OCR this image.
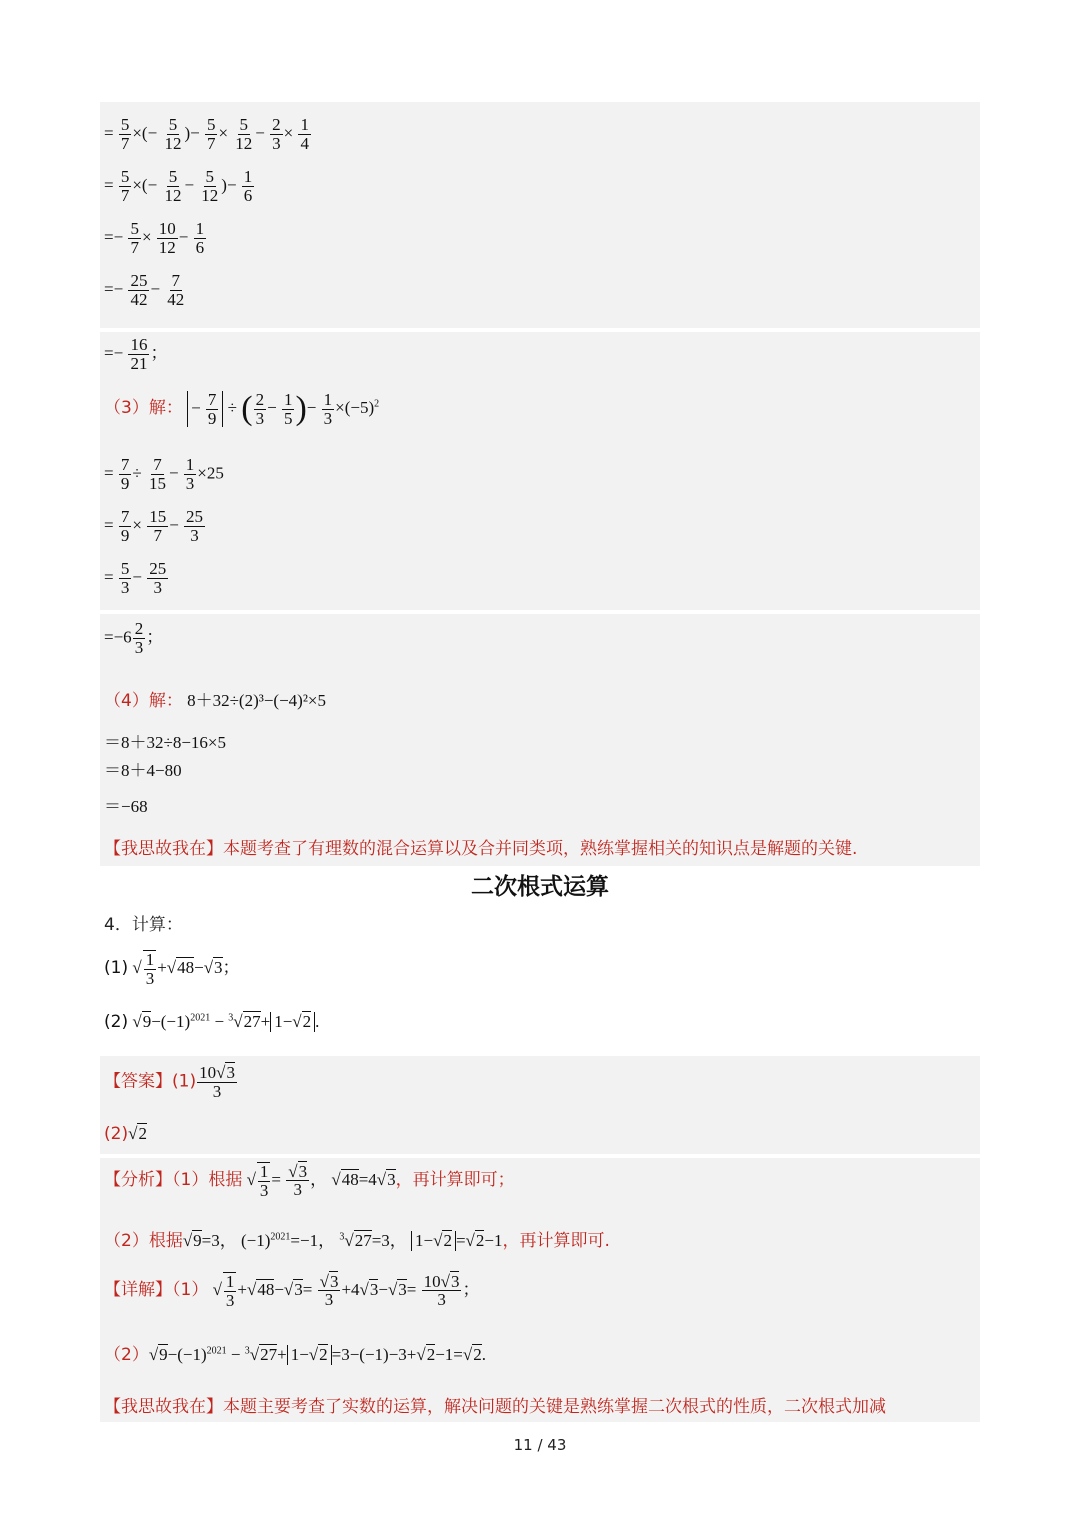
= $\frac{5}{7}$ ×(− $\frac{5}{12}$ )− $\frac{5}{7} \times \frac{5}{12} - \frac{2}{3} \times \frac{1}{4}$
= $\frac{5}{7}$ ×(− $\frac{5}{12} - \frac{5}{12}$ )− $\frac{1}{6}$
=− $\frac{5}{7} \times \frac{10}{12} - \frac{1}{6}$
=− $\frac{25}{42} - \frac{7}{42}$
=− $\frac{16}{21}$ ；
（3）解： − $\frac{7}{9}$ ÷ ( $\frac{2}{3} - \frac{1}{5}$ )− $\frac{1}{3} \times(-5)^2$
= $\frac{7}{9} \div \frac{7}{15} - \frac{1}{3} \times 25$
= $\frac{7}{9} \times \frac{15}{7} - \frac{25}{3}$
= $\frac{5}{3} - \frac{25}{3}$
$=-6 \frac{2}{3}$ ；
（4）解： 8＋32÷(2)³−(−4)²×5
＝8＋32÷8−16×5
＝8＋4−80
＝−68
【我思故我在】本题考查了有理数的混合运算以及合并同类项，熟练掌握相关的知识点是解题的关键.
二次根式运算
4．计算：
(1) √ $\frac{1}{3} +√48-√3$；
(2) $√9-(-1)^{2021} - ^3√27+ 1-√2$ .
【答案】$(1) \frac{10√3}{3}$
(2)√2
【分析】（1）根据 √ $\frac{1}{3} = \frac{√3}{3}$ ， √48=4√3，再计算即可；
（2）根据√9=3， $(-1)^{2021}=-1$， $^3$√27=3， 1−√2 =√2−1，再计算即可.
【详解】（1） √ $\frac{1}{3} +√48-√3= \frac{√3}{3} +4√3-√3= \frac{10√3}{3}$ ；
$(2)√9-(-1)^{2021} - ^3√27+ 1-√2 =3-(-1)-3+√2-1=√2$.
【我思故我在】本题主要考查了实数的运算，解决问题的关键是熟练掌握二次根式的性质，二次根式加减
11 / 43
